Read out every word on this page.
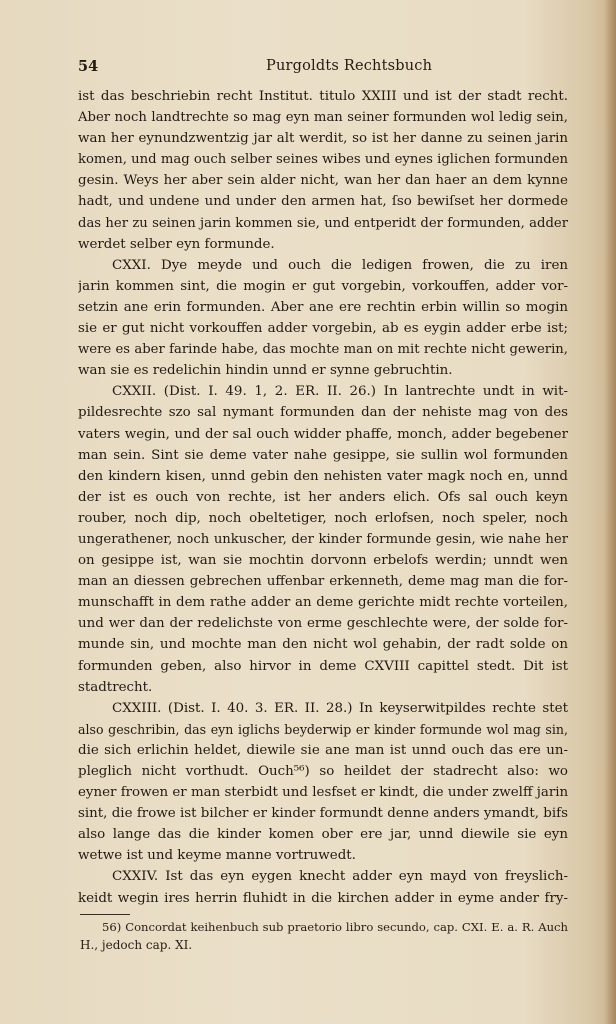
54	Purgoldts Rechtsbuch
ist das beschriebin recht Institut. titulo XXIII und ist der stadt recht.
Aber noch landtrechte so mag eyn man seiner formunden wol ledig sein,
wan her eynundzwentzig jar alt werdit, so ist her danne zu seinen jarin
komen, und mag ouch selber seines wibes und eynes iglichen formunden
gesin. Weys her aber sein alder nicht, wan her dan haer an dem kynne
hadt, und undene und under den armen hat, ſso bewiſset her dormede
das her zu seinen jarin kommen sie, und entperidt der formunden, adder
werdet selber eyn formunde.
CXXI. Dye meyde und ouch die ledigen frowen, die zu iren
jarin kommen sint, die mogin er gut vorgebin, vorkouffen, adder vor-
setzin ane erin formunden. Aber ane ere rechtin erbin willin so mogin
sie er gut nicht vorkouffen adder vorgebin, ab es eygin adder erbe ist;
were es aber farinde habe, das mochte man on mit rechte nicht gewerin,
wan sie es redelichin hindin unnd er synne gebruchtin.
CXXII. (Dist. I. 49. 1, 2. ER. II. 26.) In lantrechte undt in wit-
pildesrechte szo sal nymant formunden dan der nehiste mag von des
vaters wegin, und der sal ouch widder phaffe, monch, adder begebener
man sein. Sint sie deme vater nahe gesippe, sie sullin wol formunden
den kindern kisen, unnd gebin den nehisten vater magk noch en, unnd
der ist es ouch von rechte, ist her anders elich. Ofs sal ouch keyn
rouber, noch dip, noch obeltetiger, noch erlofsen, noch speler, noch
ungerathener, noch unkuscher, der kinder formunde gesin, wie nahe her
on gesippe ist, wan sie mochtin dorvonn erbelofs werdin; unndt wen
man an diessen gebrechen uffenbar erkenneth, deme mag man die for-
munschafft in dem rathe adder an deme gerichte midt rechte vorteilen,
und wer dan der redelichste von erme geschlechte were, der solde for-
munde sin, und mochte man den nicht wol gehabin, der radt solde on
formunden geben, also hirvor in deme CXVIII capittel stedt. Dit ist
stadtrecht.
CXXIII. (Dist. I. 40. 3. ER. II. 28.) In keyserwitpildes rechte stet
also geschribin, das eyn iglichs beyderwip er kinder formunde wol mag sin,
die sich erlichin heldet, diewile sie ane man ist unnd ouch das ere un-
pleglich nicht vorthudt. Ouch⁵⁶) so heildet der stadrecht also: wo
eyner frowen er man sterbidt und lesfset er kindt, die under zwelff jarin
sint, die frowe ist bilcher er kinder formundt denne anders ymandt, bifs
also lange das die kinder komen ober ere jar, unnd diewile sie eyn
wetwe ist und keyme manne vortruwedt.
CXXIV. Ist das eyn eygen knecht adder eyn mayd von freyslich-
keidt wegin ires herrin fluhidt in die kirchen adder in eyme ander fry-
56) Concordat keihenbuch sub praetorio libro secundo, cap. CXI. E. a. R. Auch
H., jedoch cap. XI.
